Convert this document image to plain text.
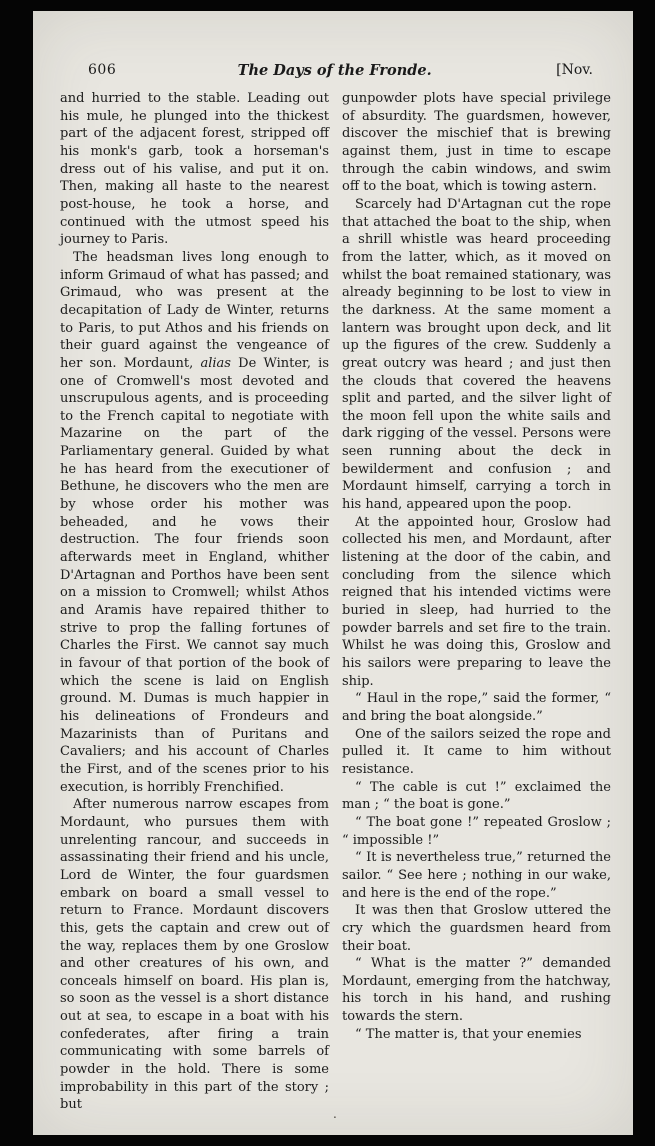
606	The Days of the Fronde.	[Nov.

and hurried to the stable. Leading out his mule, he plunged into the thickest part of the adjacent forest, stripped off his monk's garb, took a horseman's dress out of his valise, and put it on. Then, making all haste to the nearest post-house, he took a horse, and continued with the utmost speed his journey to Paris.

The headsman lives long enough to inform Grimaud of what has passed; and Grimaud, who was present at the decapitation of Lady de Winter, returns to Paris, to put Athos and his friends on their guard against the vengeance of her son. Mordaunt, alias De Winter, is one of Cromwell's most devoted and unscrupulous agents, and is proceeding to the French capital to negotiate with Mazarine on the part of the Parliamentary general. Guided by what he has heard from the executioner of Bethune, he discovers who the men are by whose order his mother was beheaded, and he vows their destruction. The four friends soon afterwards meet in England, whither D'Artagnan and Porthos have been sent on a mission to Cromwell; whilst Athos and Aramis have repaired thither to strive to prop the falling fortunes of Charles the First. We cannot say much in favour of that portion of the book of which the scene is laid on English ground. M. Dumas is much happier in his delineations of Frondeurs and Mazarinists than of Puritans and Cavaliers; and his account of Charles the First, and of the scenes prior to his execution, is horribly Frenchified.

After numerous narrow escapes from Mordaunt, who pursues them with unrelenting rancour, and succeeds in assassinating their friend and his uncle, Lord de Winter, the four guardsmen embark on board a small vessel to return to France. Mordaunt discovers this, gets the captain and crew out of the way, replaces them by one Groslow and other creatures of his own, and conceals himself on board. His plan is, so soon as the vessel is a short distance out at sea, to escape in a boat with his confederates, after firing a train communicating with some barrels of powder in the hold. There is some improbability in this part of the story ; but

gunpowder plots have special privilege of absurdity. The guardsmen, however, discover the mischief that is brewing against them, just in time to escape through the cabin windows, and swim off to the boat, which is towing astern.

Scarcely had D'Artagnan cut the rope that attached the boat to the ship, when a shrill whistle was heard proceeding from the latter, which, as it moved on whilst the boat remained stationary, was already beginning to be lost to view in the darkness. At the same moment a lantern was brought upon deck, and lit up the figures of the crew. Suddenly a great outcry was heard ; and just then the clouds that covered the heavens split and parted, and the silver light of the moon fell upon the white sails and dark rigging of the vessel. Persons were seen running about the deck in bewilderment and confusion ; and Mordaunt himself, carrying a torch in his hand, appeared upon the poop.

At the appointed hour, Groslow had collected his men, and Mordaunt, after listening at the door of the cabin, and concluding from the silence which reigned that his intended victims were buried in sleep, had hurried to the powder barrels and set fire to the train. Whilst he was doing this, Groslow and his sailors were preparing to leave the ship.

“ Haul in the rope,” said the former, “ and bring the boat alongside.”

One of the sailors seized the rope and pulled it. It came to him without resistance.

“ The cable is cut !” exclaimed the man ; “ the boat is gone.”

“ The boat gone !” repeated Groslow ; “ impossible !”

“ It is nevertheless true,” returned the sailor. “ See here ; nothing in our wake, and here is the end of the rope.”

It was then that Groslow uttered the cry which the guardsmen heard from their boat.

“ What is the matter ?” demanded Mordaunt, emerging from the hatchway, his torch in his hand, and rushing towards the stern.

“ The matter is, that your enemies

.
